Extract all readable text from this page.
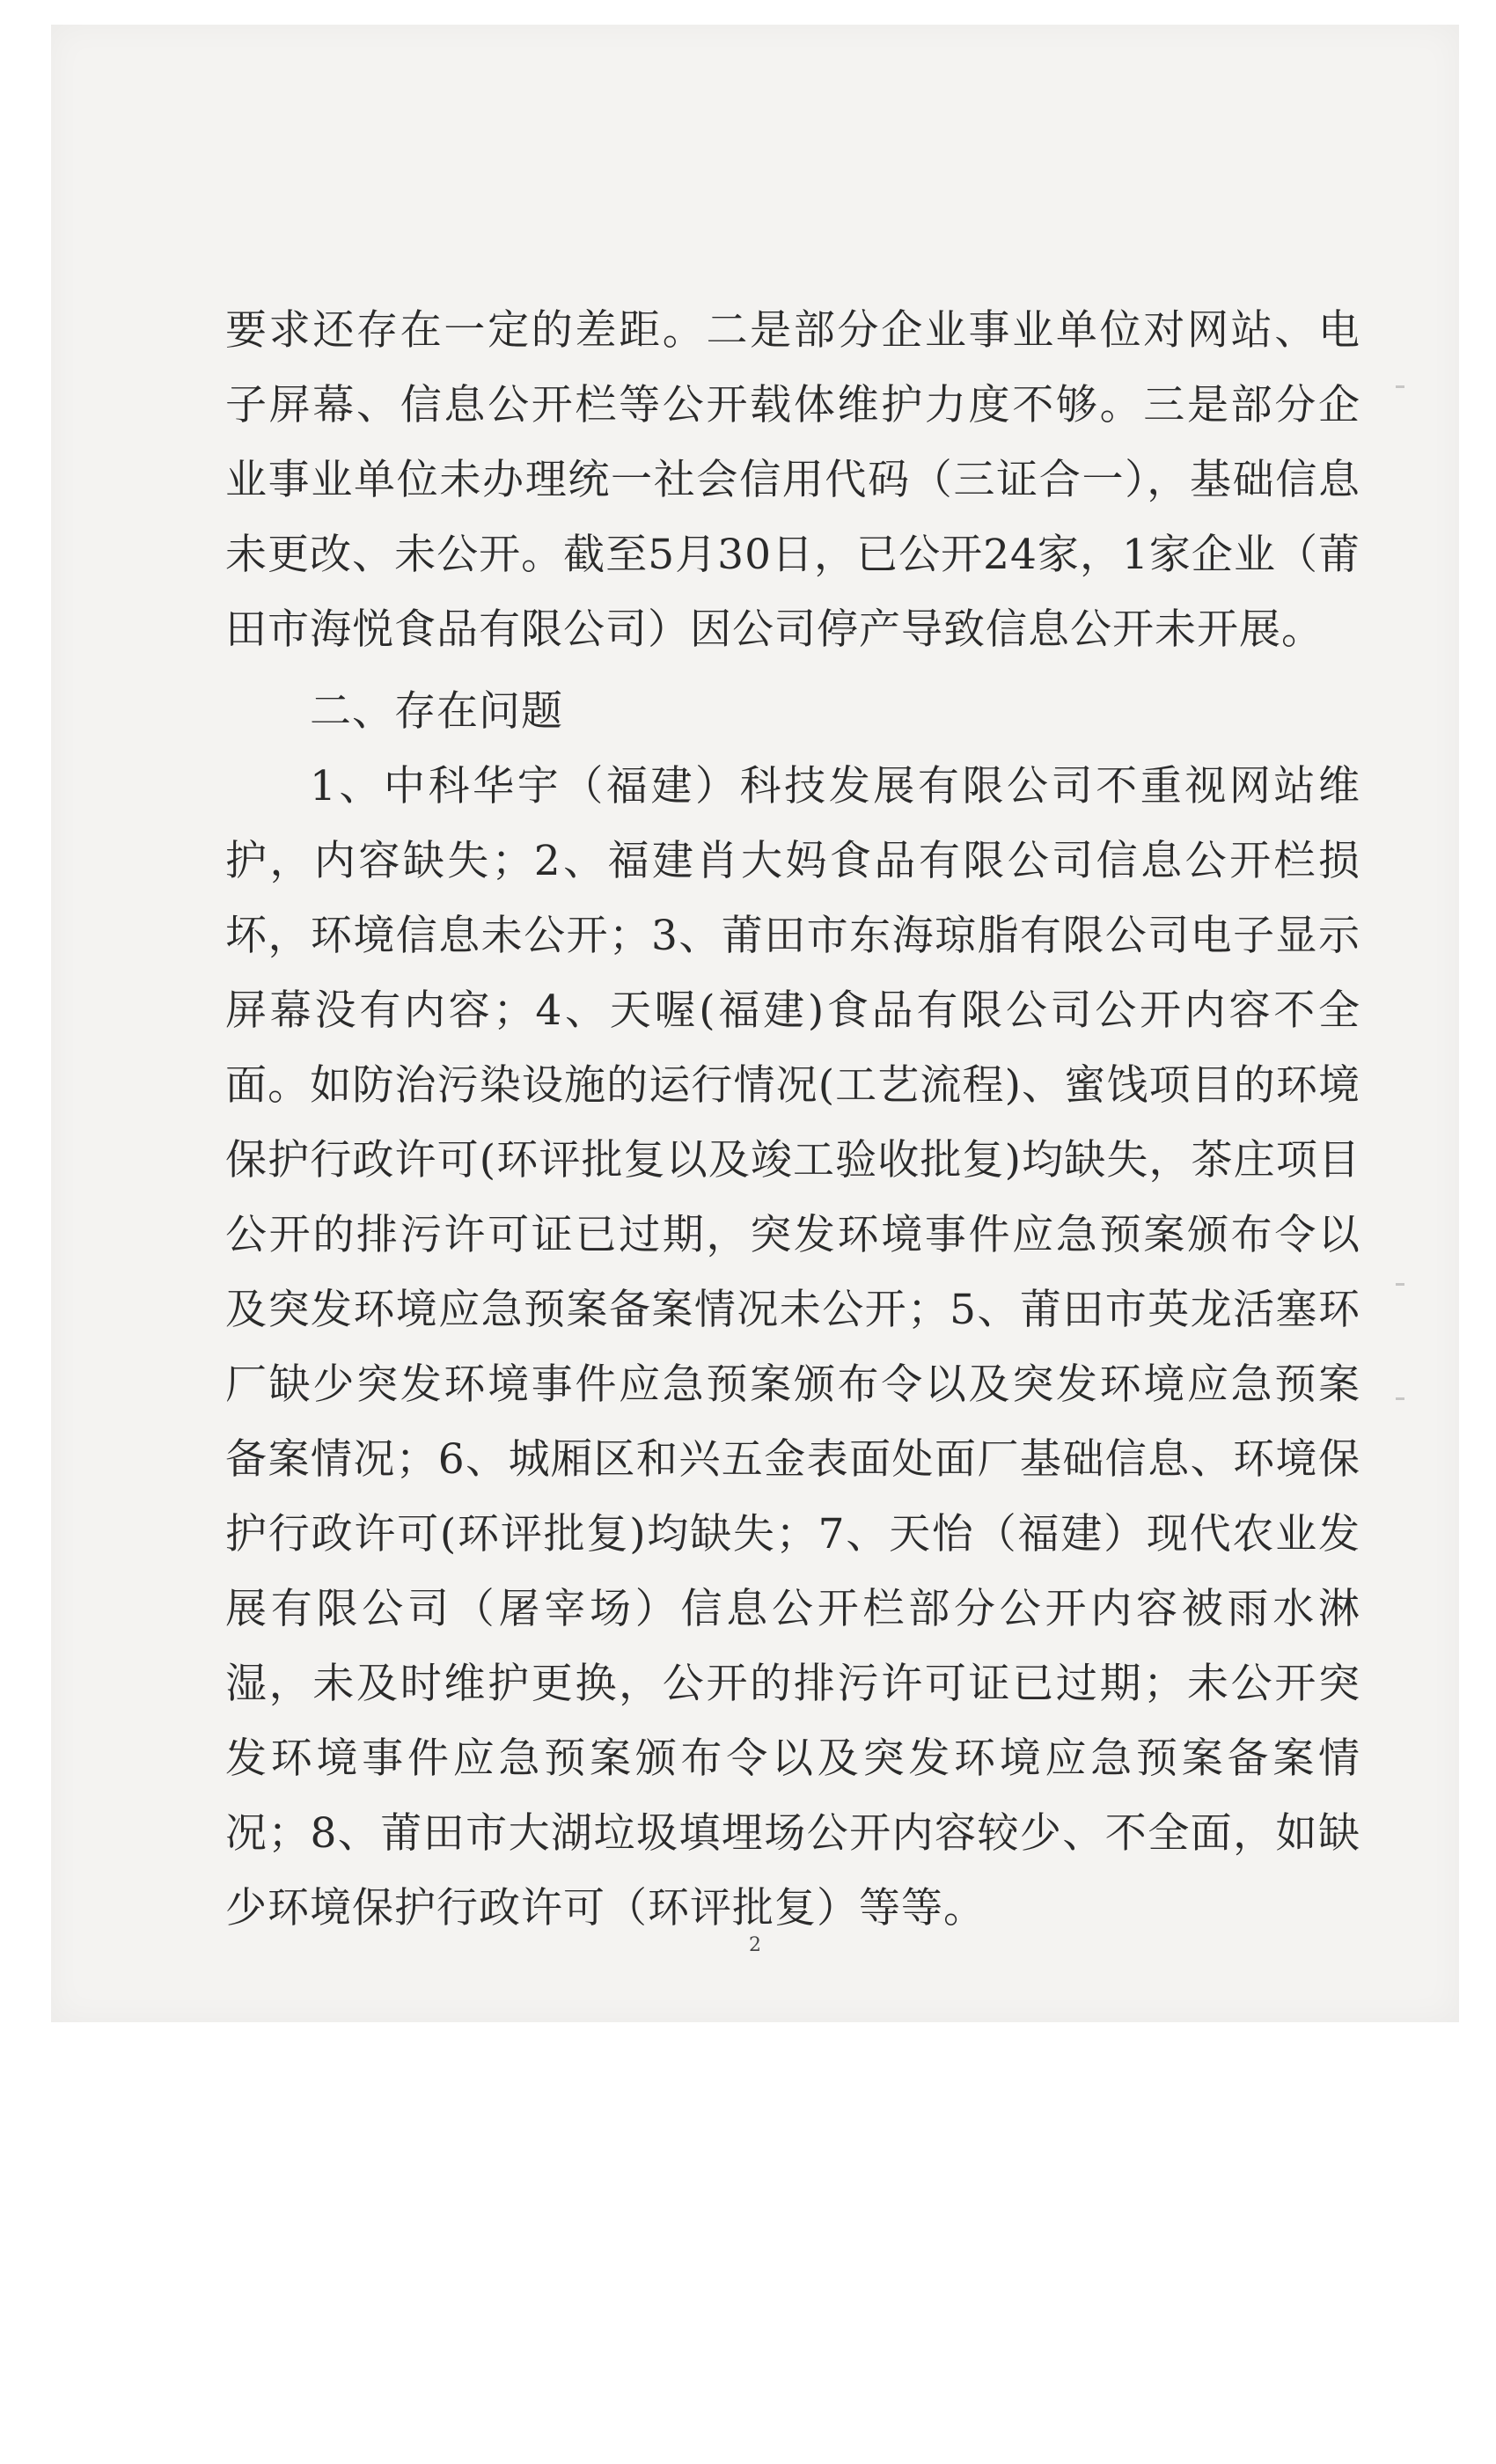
要求还存在一定的差距。二是部分企业事业单位对网站、电子屏幕、信息公开栏等公开载体维护力度不够。三是部分企业事业单位未办理统一社会信用代码（三证合一），基础信息未更改、未公开。截至5月30日，已公开24家，1家企业（莆田市海悦食品有限公司）因公司停产导致信息公开未开展。

二、存在问题

1、中科华宇（福建）科技发展有限公司不重视网站维护，内容缺失；2、福建肖大妈食品有限公司信息公开栏损坏，环境信息未公开；3、莆田市东海琼脂有限公司电子显示屏幕没有内容；4、天喔(福建)食品有限公司公开内容不全面。如防治污染设施的运行情况(工艺流程)、蜜饯项目的环境保护行政许可(环评批复以及竣工验收批复)均缺失，茶庄项目公开的排污许可证已过期，突发环境事件应急预案颁布令以及突发环境应急预案备案情况未公开；5、莆田市英龙活塞环厂缺少突发环境事件应急预案颁布令以及突发环境应急预案备案情况；6、城厢区和兴五金表面处面厂基础信息、环境保护行政许可(环评批复)均缺失；7、天怡（福建）现代农业发展有限公司（屠宰场）信息公开栏部分公开内容被雨水淋湿，未及时维护更换，公开的排污许可证已过期；未公开突发环境事件应急预案颁布令以及突发环境应急预案备案情况；8、莆田市大湖垃圾填埋场公开内容较少、不全面，如缺少环境保护行政许可（环评批复）等等。

2
